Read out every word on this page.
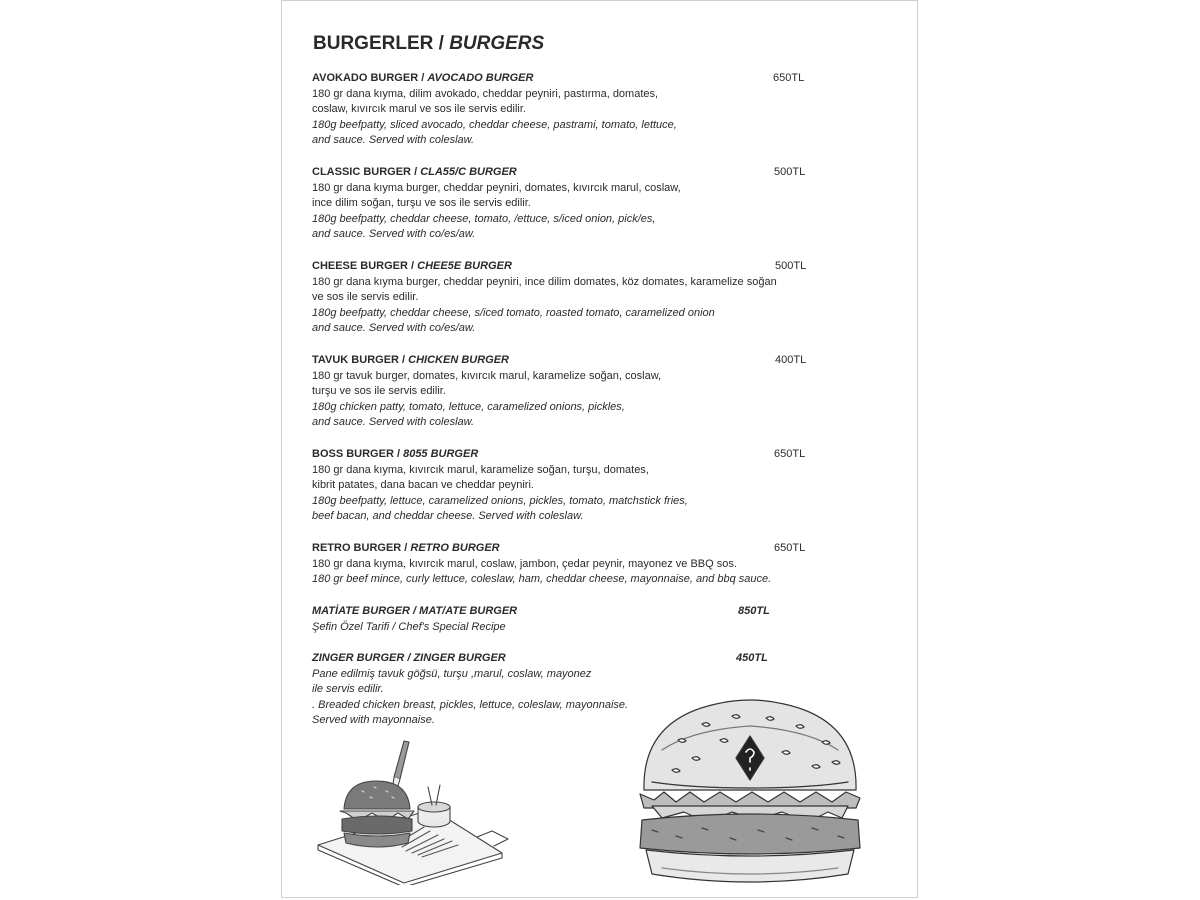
BURGERLER / BURGERS
AVOKADO BURGER / AVOCADO BURGER
180 gr dana kıyma, dilim avokado, cheddar peyniri, pastırma, domates,
coslaw, kıvırcık marul ve sos ile servis edilir.
180g beefpatty, sliced avocado, cheddar cheese, pastrami, tomato, lettuce,
and sauce. Served with coleslaw.
650TL
CLASSIC BURGER / CLA55/C BURGER
180 gr dana kıyma burger, cheddar peyniri, domates, kıvırcık marul, coslaw,
ince dilim soğan, turşu ve sos ile servis edilir.
180g beefpatty, cheddar cheese, tomato, /ettuce, s/iced onion, pick/es,
and sauce. Served with co/es/aw.
500TL
CHEESE BURGER / CHEE5E BURGER
180 gr dana kıyma burger, cheddar peyniri, ince dilim domates, köz domates, karamelize soğan
ve sos ile servis edilir.
180g beefpatty, cheddar cheese, s/iced tomato, roasted tomato, caramelized onion
and sauce. Served with co/es/aw.
500TL
TAVUK BURGER / CHICKEN BURGER
180 gr tavuk burger, domates, kıvırcık marul, karamelize soğan, coslaw,
turşu ve sos ile servis edilir.
180g chicken patty, tomato, lettuce, caramelized onions, pickles,
and sauce. Served with coleslaw.
400TL
BOSS BURGER / 8055 BURGER
180 gr dana kıyma, kıvırcık marul, karamelize soğan, turşu, domates,
kibrit patates, dana bacan ve cheddar peyniri.
180g beefpatty, lettuce, caramelized onions, pickles, tomato, matchstick fries,
beef bacan, and cheddar cheese. Served with coleslaw.
650TL
RETRO BURGER / RETRO BURGER
180 gr dana kıyma, kıvırcık marul, coslaw, jambon, çedar peynir, mayonez ve BBQ sos.
180 gr beef mince, curly lettuce, coleslaw, ham, cheddar cheese, mayonnaise, and bbq sauce.
650TL
MATİATE BURGER / MAT/ATE BURGER
Şefin Özel Tarifi / Chef's Special Recipe
850TL
ZINGER BURGER / ZINGER BURGER
Pane edilmiş tavuk göğsü, turşu ,marul, coslaw, mayonez
ile servis edilir.
. Breaded chicken breast, pickles, lettuce, coleslaw, mayonnaise.
Served with mayonnaise.
450TL
